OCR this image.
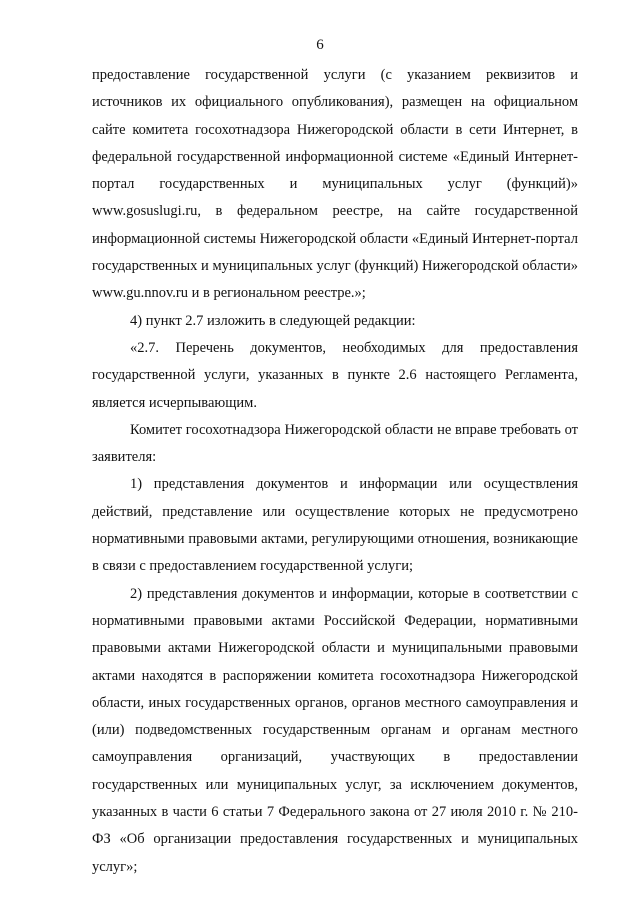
6

предоставление государственной услуги (с указанием реквизитов и источников их официального опубликования), размещен на официальном сайте комитета госохотнадзора Нижегородской области в сети Интернет, в федеральной государственной информационной системе «Единый Интернет-портал государственных и муниципальных услуг (функций)» www.gosuslugi.ru, в федеральном реестре, на сайте государственной информационной системы Нижегородской области «Единый Интернет-портал государственных и муниципальных услуг (функций) Нижегородской области» www.gu.nnov.ru и в региональном реестре.»;

4) пункт 2.7 изложить в следующей редакции:

«2.7. Перечень документов, необходимых для предоставления государственной услуги, указанных в пункте 2.6 настоящего Регламента, является исчерпывающим.

Комитет госохотнадзора Нижегородской области не вправе требовать от заявителя:

1) представления документов и информации или осуществления действий, представление или осуществление которых не предусмотрено нормативными правовыми актами, регулирующими отношения, возникающие в связи с предоставлением государственной услуги;

2) представления документов и информации, которые в соответствии с нормативными правовыми актами Российской Федерации, нормативными правовыми актами Нижегородской области и муниципальными правовыми актами находятся в распоряжении комитета госохотнадзора Нижегородской области, иных государственных органов, органов местного самоуправления и (или) подведомственных государственным органам и органам местного самоуправления организаций, участвующих в предоставлении государственных или муниципальных услуг, за исключением документов, указанных в части 6 статьи 7 Федерального закона от 27 июля 2010 г. № 210-ФЗ «Об организации предоставления государственных и муниципальных услуг»;
